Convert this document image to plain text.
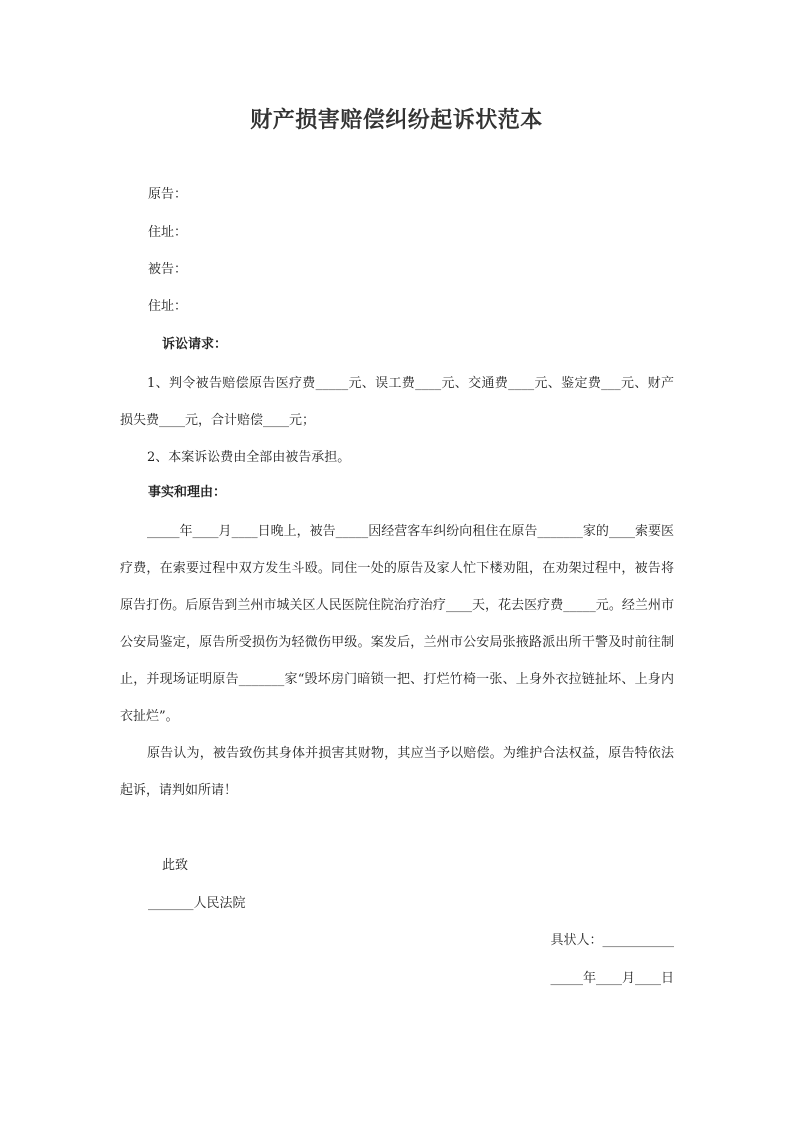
财产损害赔偿纠纷起诉状范本
原告：
住址：
被告：
住址：
诉讼请求：

1、判令被告赔偿原告医疗费_____元、误工费____元、交通费____元、鉴定费___元、财产损失费____元，合计赔偿____元；

2、本案诉讼费由全部由被告承担。

事实和理由：

_____年____月____日晚上，被告_____因经营客车纠纷向租住在原告_______家的____索要医疗费，在索要过程中双方发生斗殴。同住一处的原告及家人忙下楼劝阻，在劝架过程中，被告将原告打伤。后原告到兰州市城关区人民医院住院治疗治疗____天，花去医疗费_____元。经兰州市公安局鉴定，原告所受损伤为轻微伤甲级。案发后，兰州市公安局张掖路派出所干警及时前往制止，并现场证明原告_______家“毁坏房门暗锁一把、打烂竹椅一张、上身外衣拉链扯坏、上身内衣扯烂”。

原告认为，被告致伤其身体并损害其财物，其应当予以赔偿。为维护合法权益，原告特依法起诉，请判如所请！

此致
_______人民法院
具状人：___________
_____年____月____日
